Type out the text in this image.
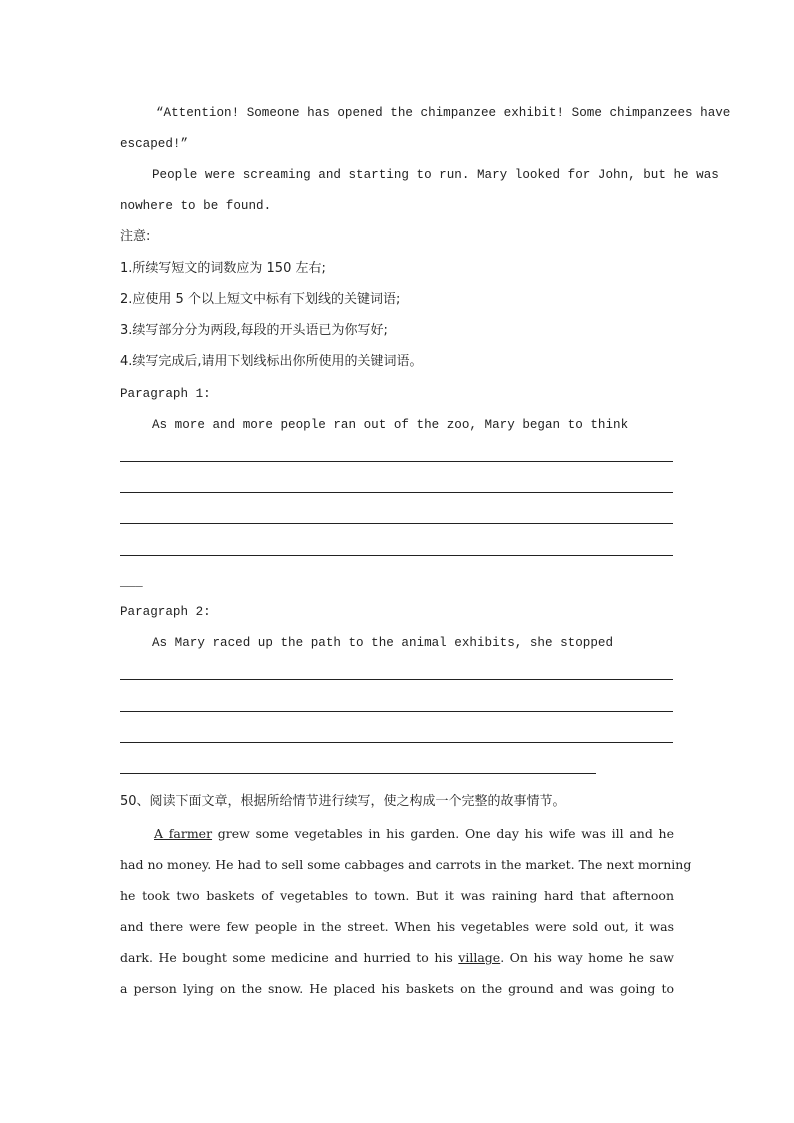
“Attention! Someone has opened the chimpanzee exhibit! Some chimpanzees have
escaped!”
People were screaming and starting to run. Mary looked for John, but he was
nowhere to be found.
注意:
1.所续写短文的词数应为 150 左右;
2.应使用 5 个以上短文中标有下划线的关键词语;
3.续写部分分为两段,每段的开头语已为你写好;
4.续写完成后,请用下划线标出你所使用的关键词语。
Paragraph 1:
As more and more people ran out of the zoo, Mary began to think
___
Paragraph 2:
As Mary raced up the path to the animal exhibits, she stopped
50、阅读下面文章，根据所给情节进行续写，使之构成一个完整的故事情节。
A farmer grew some vegetables in his garden. One day his wife was ill and he
had no money. He had to sell some cabbages and carrots in the market. The next morning
he took two baskets of vegetables to town. But it was raining hard that afternoon
and there were few people in the street. When his vegetables were sold out, it was
dark. He bought some medicine and hurried to his village. On his way home he saw
a person lying on the snow. He placed his baskets on the ground and was going to
